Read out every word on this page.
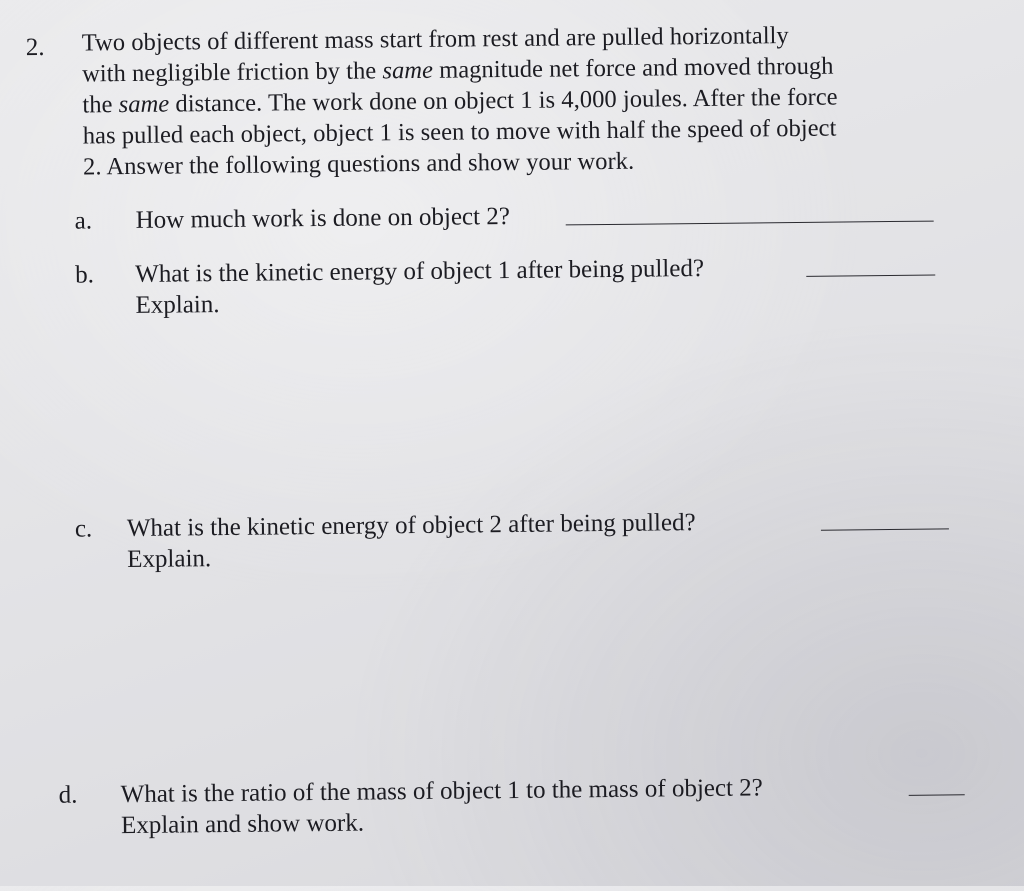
2. Two objects of different mass start from rest and are pulled horizontally
with negligible friction by the same magnitude net force and moved through
the same distance. The work done on object 1 is 4,000 joules. After the force
has pulled each object, object 1 is seen to move with half the speed of object
2. Answer the following questions and show your work.
a. How much work is done on object 2?
b. What is the kinetic energy of object 1 after being pulled?
Explain.
c. What is the kinetic energy of object 2 after being pulled?
Explain.
d. What is the ratio of the mass of object 1 to the mass of object 2?
Explain and show work.
